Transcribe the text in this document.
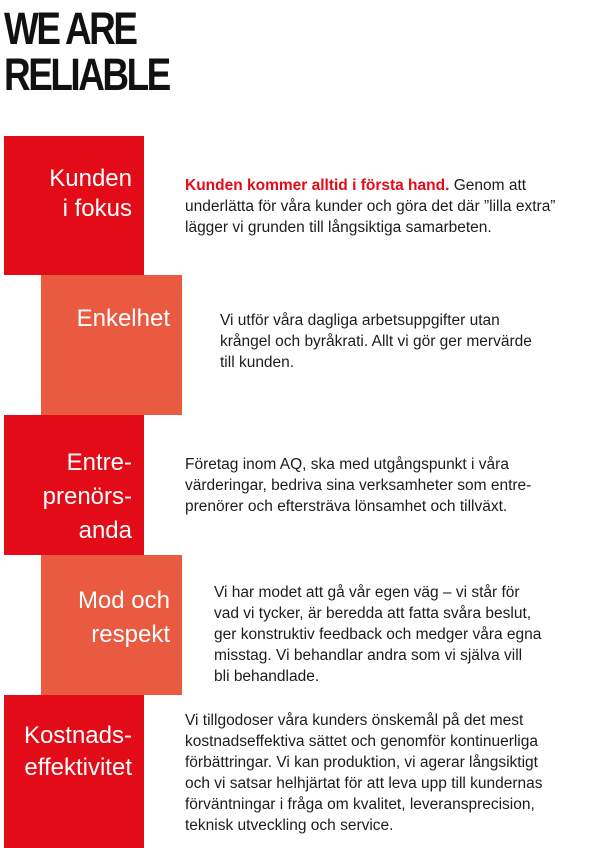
WE ARE
RELIABLE
Kunden
i fokus
Kunden kommer alltid i första hand. Genom att
underlätta för våra kunder och göra det där ”lilla extra”
lägger vi grunden till långsiktiga samarbeten.
Enkelhet	Vi utför våra dagliga arbetsuppgifter utan
krångel och byråkrati. Allt vi gör ger mervärde
till kunden.
Entre-
prenörs-
anda
Företag inom AQ, ska med utgångspunkt i våra
värderingar, bedriva sina verksamheter som entre-
prenörer och eftersträva lönsamhet och tillväxt.
Mod och
respekt
Vi har modet att gå vår egen väg – vi står för
vad vi tycker, är beredda att fatta svåra beslut,
ger konstruktiv feedback och medger våra egna
misstag. Vi behandlar andra som vi själva vill
bli behandlade.
Kostnads-
effektivitet
Vi tillgodoser våra kunders önskemål på det mest
kostnadseffektiva sättet och genomför kontinuerliga
förbättringar. Vi kan produktion, vi agerar långsiktigt
och vi satsar helhjärtat för att leva upp till kundernas
förväntningar i fråga om kvalitet, leveransprecision,
teknisk utveckling och service.
